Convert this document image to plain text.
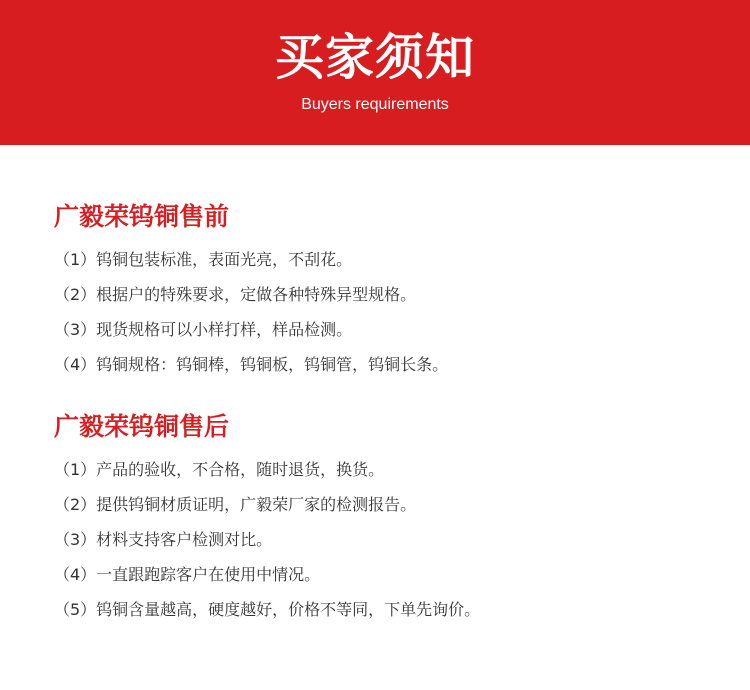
买家须知
Buyers requirements
广毅荣钨铜售前
（1）钨铜包装标准，表面光亮，不刮花。
（2）根据户的特殊要求，定做各种特殊异型规格。
（3）现货规格可以小样打样，样品检测。
（4）钨铜规格：钨铜棒，钨铜板，钨铜管，钨铜长条。
广毅荣钨铜售后
（1）产品的验收，不合格，随时退货，换货。
（2）提供钨铜材质证明，广毅荣厂家的检测报告。
（3）材料支持客户检测对比。
（4）一直跟跑踪客户在使用中情况。
（5）钨铜含量越高，硬度越好，价格不等同，下单先询价。
